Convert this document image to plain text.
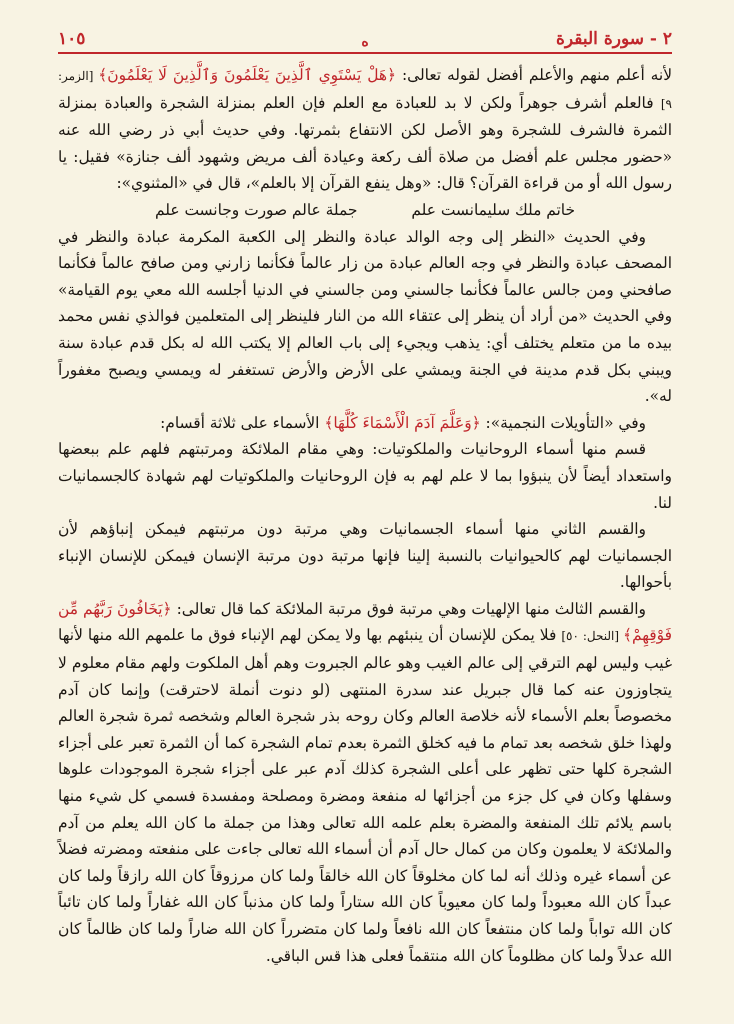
٢ - سورة البقرة
ه
١٠٥

لأنه أعلم منهم والأعلم أفضل لقوله تعالى: ﴿هَلْ يَسْتَوِي ٱلَّذِينَ يَعْلَمُونَ وَٱلَّذِينَ لَا يَعْلَمُونَ﴾ [الزمر: ٩] فالعلم أشرف جوهراً ولكن لا بد للعبادة مع العلم فإن العلم بمنزلة الشجرة والعبادة بمنزلة الثمرة فالشرف للشجرة وهو الأصل لكن الانتفاع بثمرتها. وفي حديث أبي ذر رضي الله عنه «حضور مجلس علم أفضل من صلاة ألف ركعة وعيادة ألف مريض وشهود ألف جنازة» فقيل: يا رسول الله أو من قراءة القرآن؟ قال: «وهل ينفع القرآن إلا بالعلم»، قال في «المثنوي»:

خاتم ملك سليمانست علم
جملة عالم صورت وجانست علم

وفي الحديث «النظر إلى وجه الوالد عبادة والنظر إلى الكعبة المكرمة عبادة والنظر في المصحف عبادة والنظر في وجه العالم عبادة من زار عالماً فكأنما زارني ومن صافح عالماً فكأنما صافحني ومن جالس عالماً فكأنما جالسني ومن جالسني في الدنيا أجلسه الله معي يوم القيامة» وفي الحديث «من أراد أن ينظر إلى عتقاء الله من النار فلينظر إلى المتعلمين فوالذي نفس محمد بيده ما من متعلم يختلف أي: يذهب ويجيء إلى باب العالم إلا يكتب الله له بكل قدم عبادة سنة ويبني بكل قدم مدينة في الجنة ويمشي على الأرض والأرض تستغفر له ويمسي ويصبح مغفوراً له».

وفي «التأويلات النجمية»: ﴿وَعَلَّمَ آدَمَ الْأَسْمَاءَ كُلَّهَا﴾ الأسماء على ثلاثة أقسام:

قسم منها أسماء الروحانيات والملكوتيات: وهي مقام الملائكة ومرتبتهم فلهم علم ببعضها واستعداد أيضاً لأن ينبؤوا بما لا علم لهم به فإن الروحانيات والملكوتيات لهم شهادة كالجسمانيات لنا.

والقسم الثاني منها أسماء الجسمانيات وهي مرتبة دون مرتبتهم فيمكن إنباؤهم لأن الجسمانيات لهم كالحيوانيات بالنسبة إلينا فإنها مرتبة دون مرتبة الإنسان فيمكن للإنسان الإنباء بأحوالها.

والقسم الثالث منها الإلهيات وهي مرتبة فوق مرتبة الملائكة كما قال تعالى: ﴿يَخَافُونَ رَبَّهُم مِّن فَوْقِهِمْ﴾ [النحل: ٥٠] فلا يمكن للإنسان أن ينبئهم بها ولا يمكن لهم الإنباء فوق ما علمهم الله منها لأنها غيب وليس لهم الترقي إلى عالم الغيب وهو عالم الجبروت وهم أهل الملكوت ولهم مقام معلوم لا يتجاوزون عنه كما قال جبريل عند سدرة المنتهى (لو دنوت أنملة لاحترقت) وإنما كان آدم مخصوصاً بعلم الأسماء لأنه خلاصة العالم وكان روحه بذر شجرة العالم وشخصه ثمرة شجرة العالم ولهذا خلق شخصه بعد تمام ما فيه كخلق الثمرة بعدم تمام الشجرة كما أن الثمرة تعبر على أجزاء الشجرة كلها حتى تظهر على أعلى الشجرة كذلك آدم عبر على أجزاء شجرة الموجودات علوها وسفلها وكان في كل جزء من أجزائها له منفعة ومضرة ومصلحة ومفسدة فسمي كل شيء منها باسم يلائم تلك المنفعة والمضرة بعلم علمه الله تعالى وهذا من جملة ما كان الله يعلم من آدم والملائكة لا يعلمون وكان من كمال حال آدم أن أسماء الله تعالى جاءت على منفعته ومضرته فضلاً عن أسماء غيره وذلك أنه لما كان مخلوقاً كان الله خالقاً ولما كان مرزوقاً كان الله رازقاً ولما كان عبداً كان الله معبوداً ولما كان معيوباً كان الله ستاراً ولما كان مذنباً كان الله غفاراً ولما كان تائباً كان الله تواباً ولما كان منتفعاً كان الله نافعاً ولما كان متضرراً كان الله ضاراً ولما كان ظالماً كان الله عدلاً ولما كان مظلوماً كان الله منتقماً فعلى هذا قس الباقي.
